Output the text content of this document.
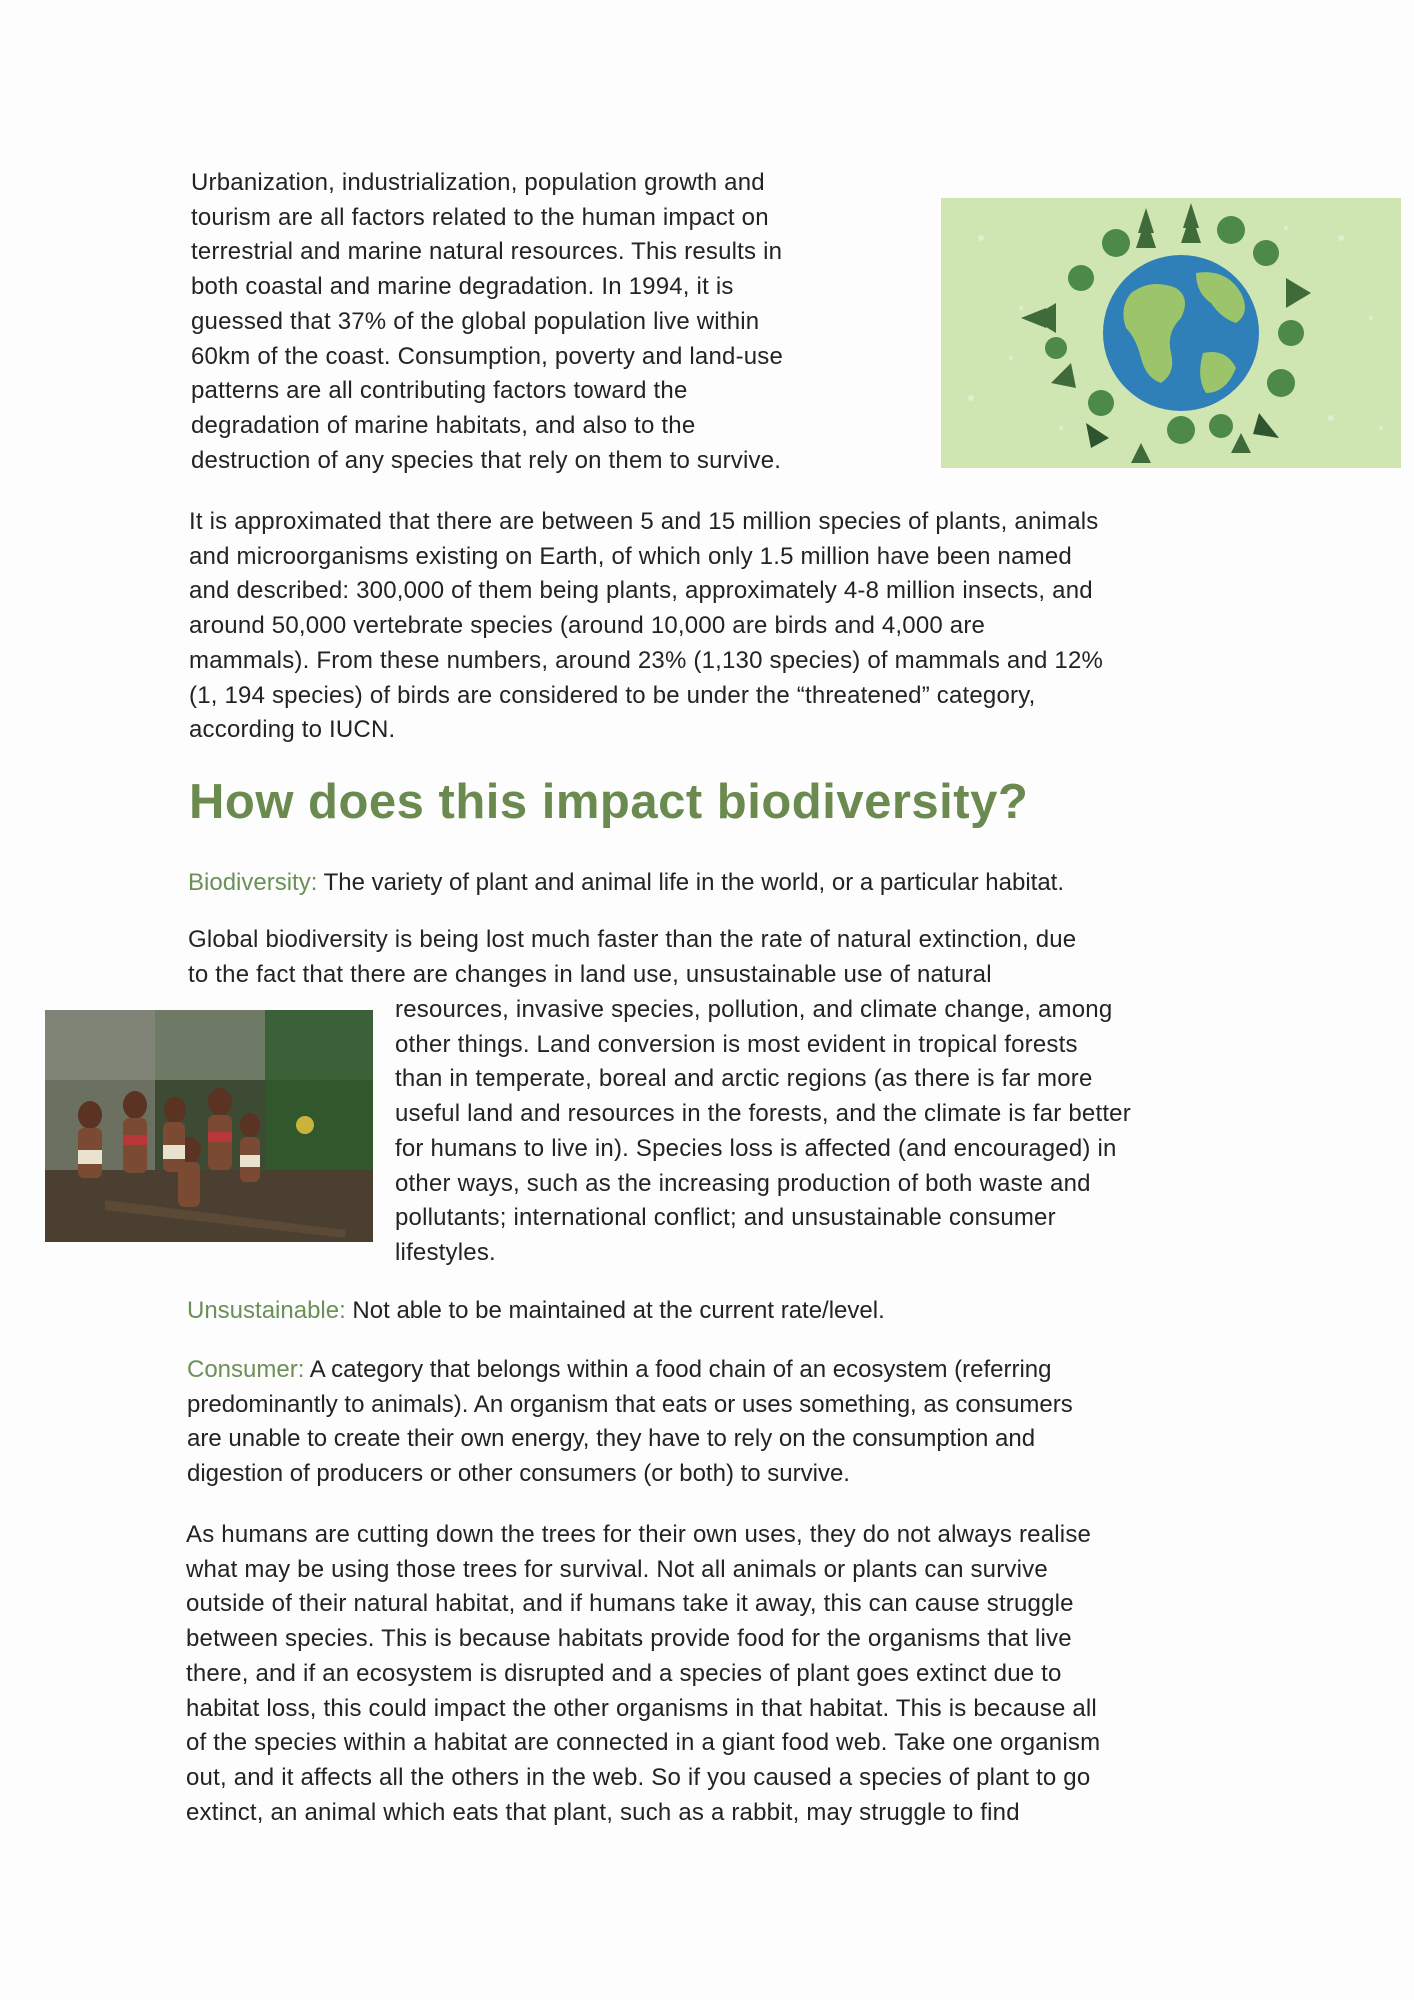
Urbanization, industrialization, population growth and
tourism are all factors related to the human impact on
terrestrial and marine natural resources. This results in
both coastal and marine degradation. In 1994, it is
guessed that 37% of the global population live within
60km of the coast. Consumption, poverty and land-use
patterns are all contributing factors toward the
degradation of marine habitats, and also to the
destruction of any species that rely on them to survive.
It is approximated that there are between 5 and 15 million species of plants, animals
and microorganisms existing on Earth, of which only 1.5 million have been named
and described: 300,000 of them being plants, approximately 4-8 million insects, and
around 50,000 vertebrate species (around 10,000 are birds and 4,000 are
mammals). From these numbers, around 23% (1,130 species) of mammals and 12%
(1, 194 species) of birds are considered to be under the “threatened” category,
according to IUCN.
How does this impact biodiversity?

Biodiversity: The variety of plant and animal life in the world, or a particular habitat.

Global biodiversity is being lost much faster than the rate of natural extinction, due
to the fact that there are changes in land use, unsustainable use of natural
resources, invasive species, pollution, and climate change, among
other things. Land conversion is most evident in tropical forests
than in temperate, boreal and arctic regions (as there is far more
useful land and resources in the forests, and the climate is far better
for humans to live in). Species loss is affected (and encouraged) in
other ways, such as the increasing production of both waste and
pollutants; international conflict; and unsustainable consumer
lifestyles.

Unsustainable: Not able to be maintained at the current rate/level.

Consumer: A category that belongs within a food chain of an ecosystem (referring
predominantly to animals). An organism that eats or uses something, as consumers
are unable to create their own energy, they have to rely on the consumption and
digestion of producers or other consumers (or both) to survive.
As humans are cutting down the trees for their own uses, they do not always realise
what may be using those trees for survival. Not all animals or plants can survive
outside of their natural habitat, and if humans take it away, this can cause struggle
between species. This is because habitats provide food for the organisms that live
there, and if an ecosystem is disrupted and a species of plant goes extinct due to
habitat loss, this could impact the other organisms in that habitat. This is because all
of the species within a habitat are connected in a giant food web. Take one organism
out, and it affects all the others in the web. So if you caused a species of plant to go
extinct, an animal which eats that plant, such as a rabbit, may struggle to find
